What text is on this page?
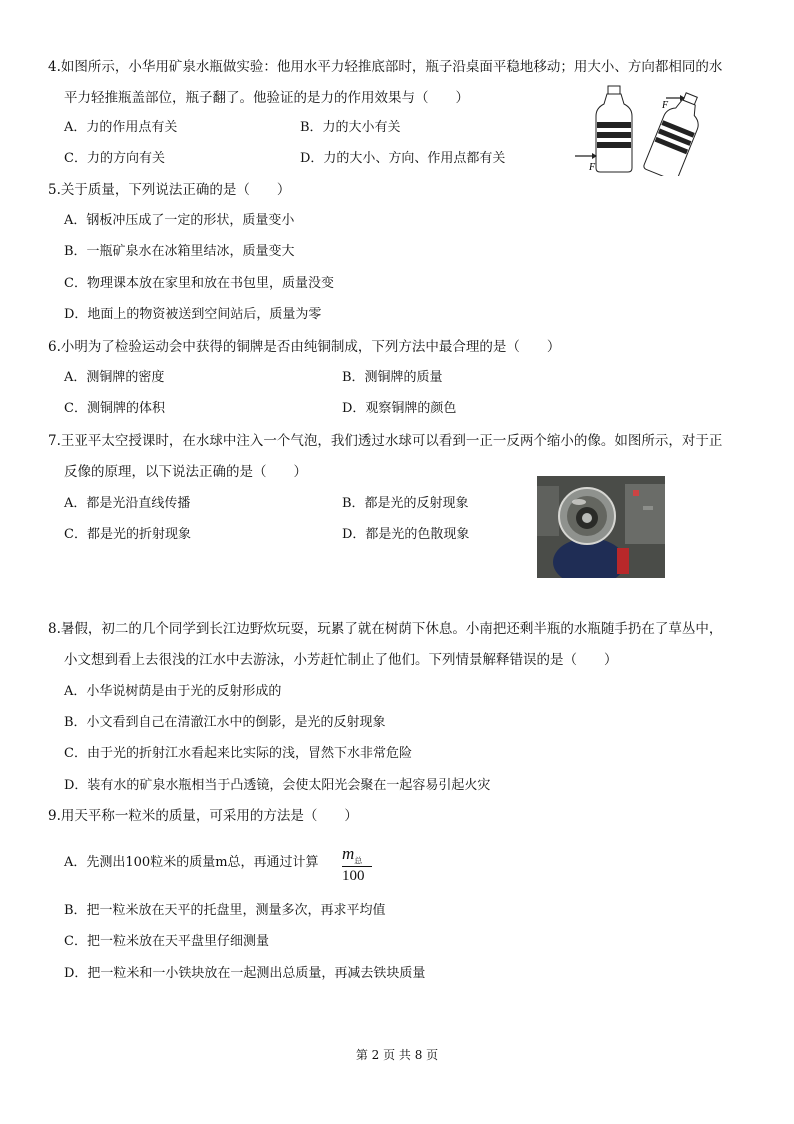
4.如图所示，小华用矿泉水瓶做实验：他用水平力轻推底部时，瓶子沿桌面平稳地移动；用大小、方向都相同的水
平力轻推瓶盖部位，瓶子翻了。他验证的是力的作用效果与（　　）
A．力的作用点有关	B．力的大小有关
C．力的方向有关	D．力的大小、方向、作用点都有关
F
F
5.关于质量，下列说法正确的是（　　）
A．钢板冲压成了一定的形状，质量变小
B．一瓶矿泉水在冰箱里结冰，质量变大
C．物理课本放在家里和放在书包里，质量没变
D．地面上的物资被送到空间站后，质量为零
6.小明为了检验运动会中获得的铜牌是否由纯铜制成，下列方法中最合理的是（　　）
A．测铜牌的密度	B．测铜牌的质量
C．测铜牌的体积	D．观察铜牌的颜色
7.王亚平太空授课时，在水球中注入一个气泡，我们透过水球可以看到一正一反两个缩小的像。如图所示，对于正
反像的原理，以下说法正确的是（　　）
A．都是光沿直线传播	B．都是光的反射现象
C．都是光的折射现象	D．都是光的色散现象
8.暑假，初二的几个同学到长江边野炊玩耍，玩累了就在树荫下休息。小南把还剩半瓶的水瓶随手扔在了草丛中，
小文想到看上去很浅的江水中去游泳，小芳赶忙制止了他们。下列情景解释错误的是（　　）
A．小华说树荫是由于光的反射形成的
B．小文看到自己在清澈江水中的倒影，是光的反射现象
C．由于光的折射江水看起来比实际的浅，冒然下水非常危险
D．装有水的矿泉水瓶相当于凸透镜，会使太阳光会聚在一起容易引起火灾
9.用天平称一粒米的质量，可采用的方法是（　　）
A．先测出100粒米的质量m总，再通过计算 $m_总$
100
B．把一粒米放在天平的托盘里，测量多次，再求平均值
C．把一粒米放在天平盘里仔细测量
D．把一粒米和一小铁块放在一起测出总质量，再减去铁块质量
第 2 页 共 8 页
